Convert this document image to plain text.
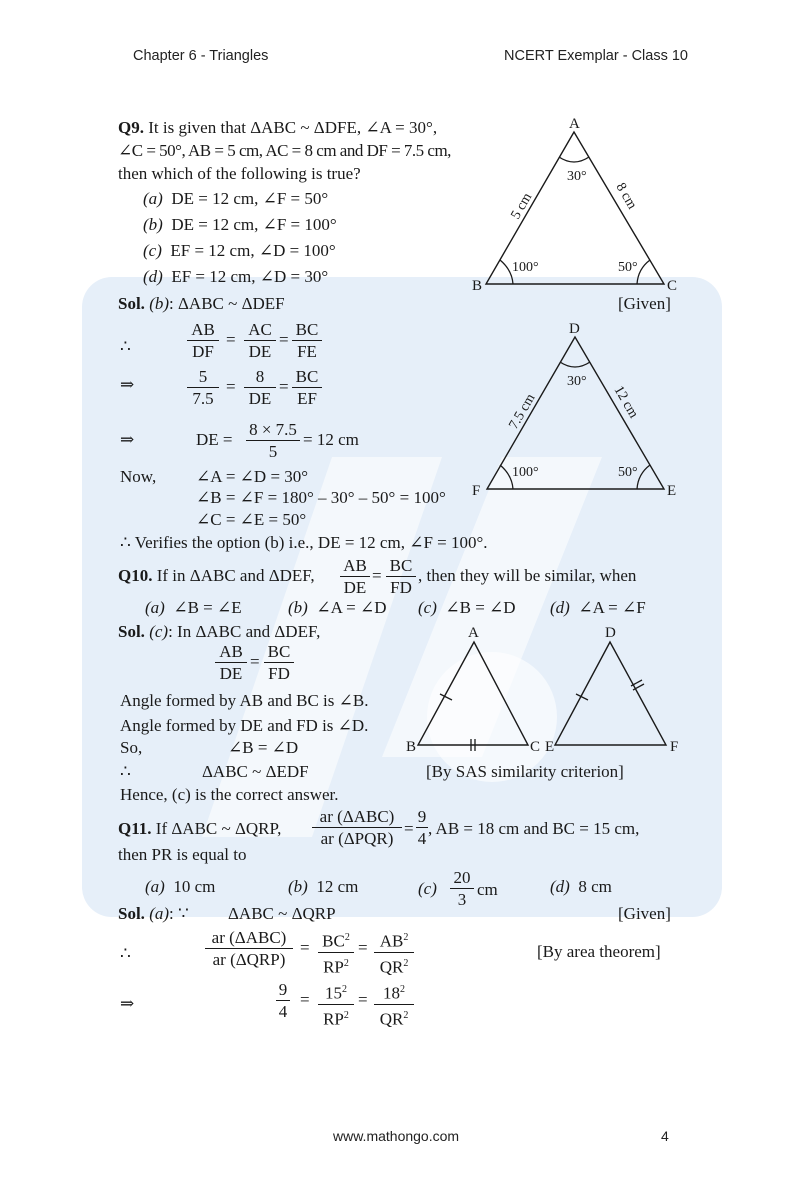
Chapter 6 - Triangles	NCERT Exemplar - Class 10
Q9. It is given that ΔABC ~ ΔDFE, ∠A = 30°,
∠C = 50°, AB = 5 cm, AC = 8 cm and DF = 7.5 cm,
then which of the following is true?
(a) DE = 12 cm, ∠F = 50°
(b) DE = 12 cm, ∠F = 100°
(c) EF = 12 cm, ∠D = 100°
(d) EF = 12 cm, ∠D = 30°
A
B	C
30°
100°	50°
5 cm	8 cm
Sol. (b): ΔABC ~ ΔDEF	[Given]
∴	$\frac{AB}{DF} = \frac{AC}{DE} = \frac{BC}{FE}$
⇒	$\frac{5}{7.5} = \frac{8}{DE} = \frac{BC}{EF}$
⇒	DE = $\frac{8 \times 7.5}{5} = 12$ cm
Now, ∠A = ∠D = 30°
∠B = ∠F = 180° – 30° – 50° = 100°
∠C = ∠E = 50°
∴ Verifies the option (b) i.e., DE = 12 cm, ∠F = 100°.
D
F	E
30°
100°	50°
7.5 cm	12 cm
Q10. If in ΔABC and ΔDEF, $\frac{AB}{DE} = \frac{BC}{FD}$ , then they will be similar, when
(a) ∠B = ∠E	(b) ∠A = ∠D (c) ∠B = ∠D (d) ∠A = ∠F
Sol. (c): In ΔABC and ΔDEF,
$\frac{AB}{DE} = \frac{BC}{FD}$
Angle formed by AB and BC is ∠B.
Angle formed by DE and FD is ∠D.
So,	∠B = ∠D
∴	ΔABC ~ ΔEDF	[By SAS similarity criterion]
Hence, (c) is the correct answer.
A
B	C
D
E	F
Q11. If ΔABC ~ ΔQRP,
ar (ΔABC)
ar (ΔPQR)
= $\frac{9}{4}$ , AB = 18 cm and BC = 15 cm,
then PR is equal to
(a) 10 cm	(b) 12 cm	$(c) \frac{20}{3}$ cm	(d) 8 cm
Sol. (a): ∵ ΔABC ~ ΔQRP	[Given]
∴
ar (ΔABC)
ar (ΔQRP)
= $\frac{BC^2}{RP^2} = \frac{AB^2}{QR^2}$	[By area theorem]
⇒	$\frac{9}{4} = \frac{15^2}{RP^2} = \frac{18^2}{QR^2}$
www.mathongo.com	4
